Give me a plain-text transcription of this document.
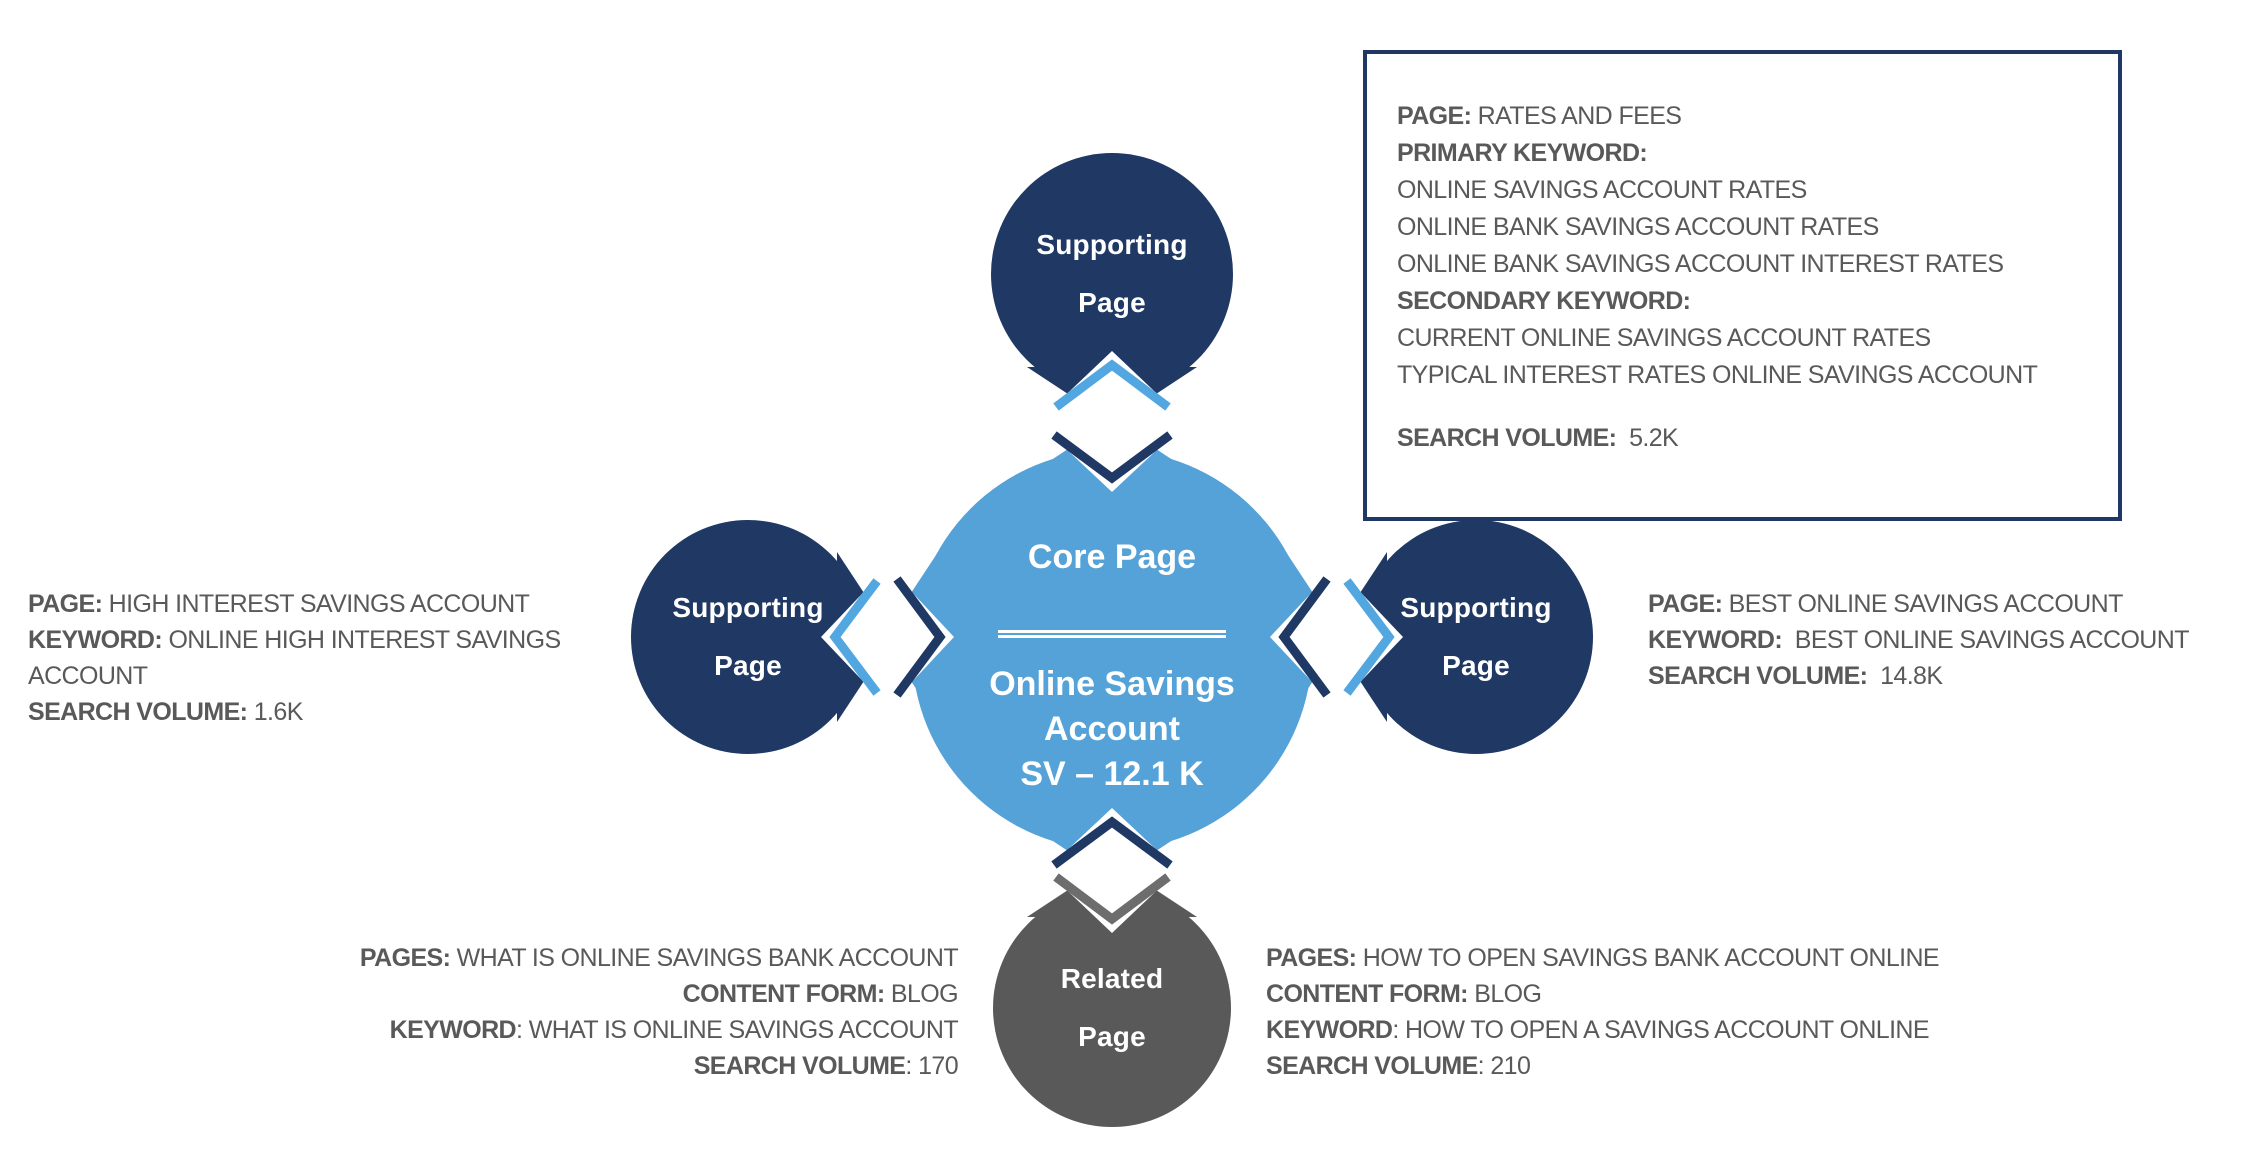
Supporting
Page
Supporting
Page
Supporting
Page
Related
Page
Core Page
Online Savings
Account
SV – 12.1 K
PAGE: RATES AND FEES
PRIMARY KEYWORD:
ONLINE SAVINGS ACCOUNT RATES
ONLINE BANK SAVINGS ACCOUNT RATES
ONLINE BANK SAVINGS ACCOUNT INTEREST RATES
SECONDARY KEYWORD:
CURRENT ONLINE SAVINGS ACCOUNT RATES
TYPICAL INTEREST RATES ONLINE SAVINGS ACCOUNT
SEARCH VOLUME:  5.2K
PAGE: HIGH INTEREST SAVINGS ACCOUNT
KEYWORD: ONLINE HIGH INTEREST SAVINGS
ACCOUNT
SEARCH VOLUME: 1.6K
PAGE: BEST ONLINE SAVINGS ACCOUNT
KEYWORD:  BEST ONLINE SAVINGS ACCOUNT
SEARCH VOLUME:  14.8K
PAGES: WHAT IS ONLINE SAVINGS BANK ACCOUNT
CONTENT FORM: BLOG
KEYWORD: WHAT IS ONLINE SAVINGS ACCOUNT
SEARCH VOLUME: 170
PAGES: HOW TO OPEN SAVINGS BANK ACCOUNT ONLINE
CONTENT FORM: BLOG
KEYWORD: HOW TO OPEN A SAVINGS ACCOUNT ONLINE
SEARCH VOLUME: 210
